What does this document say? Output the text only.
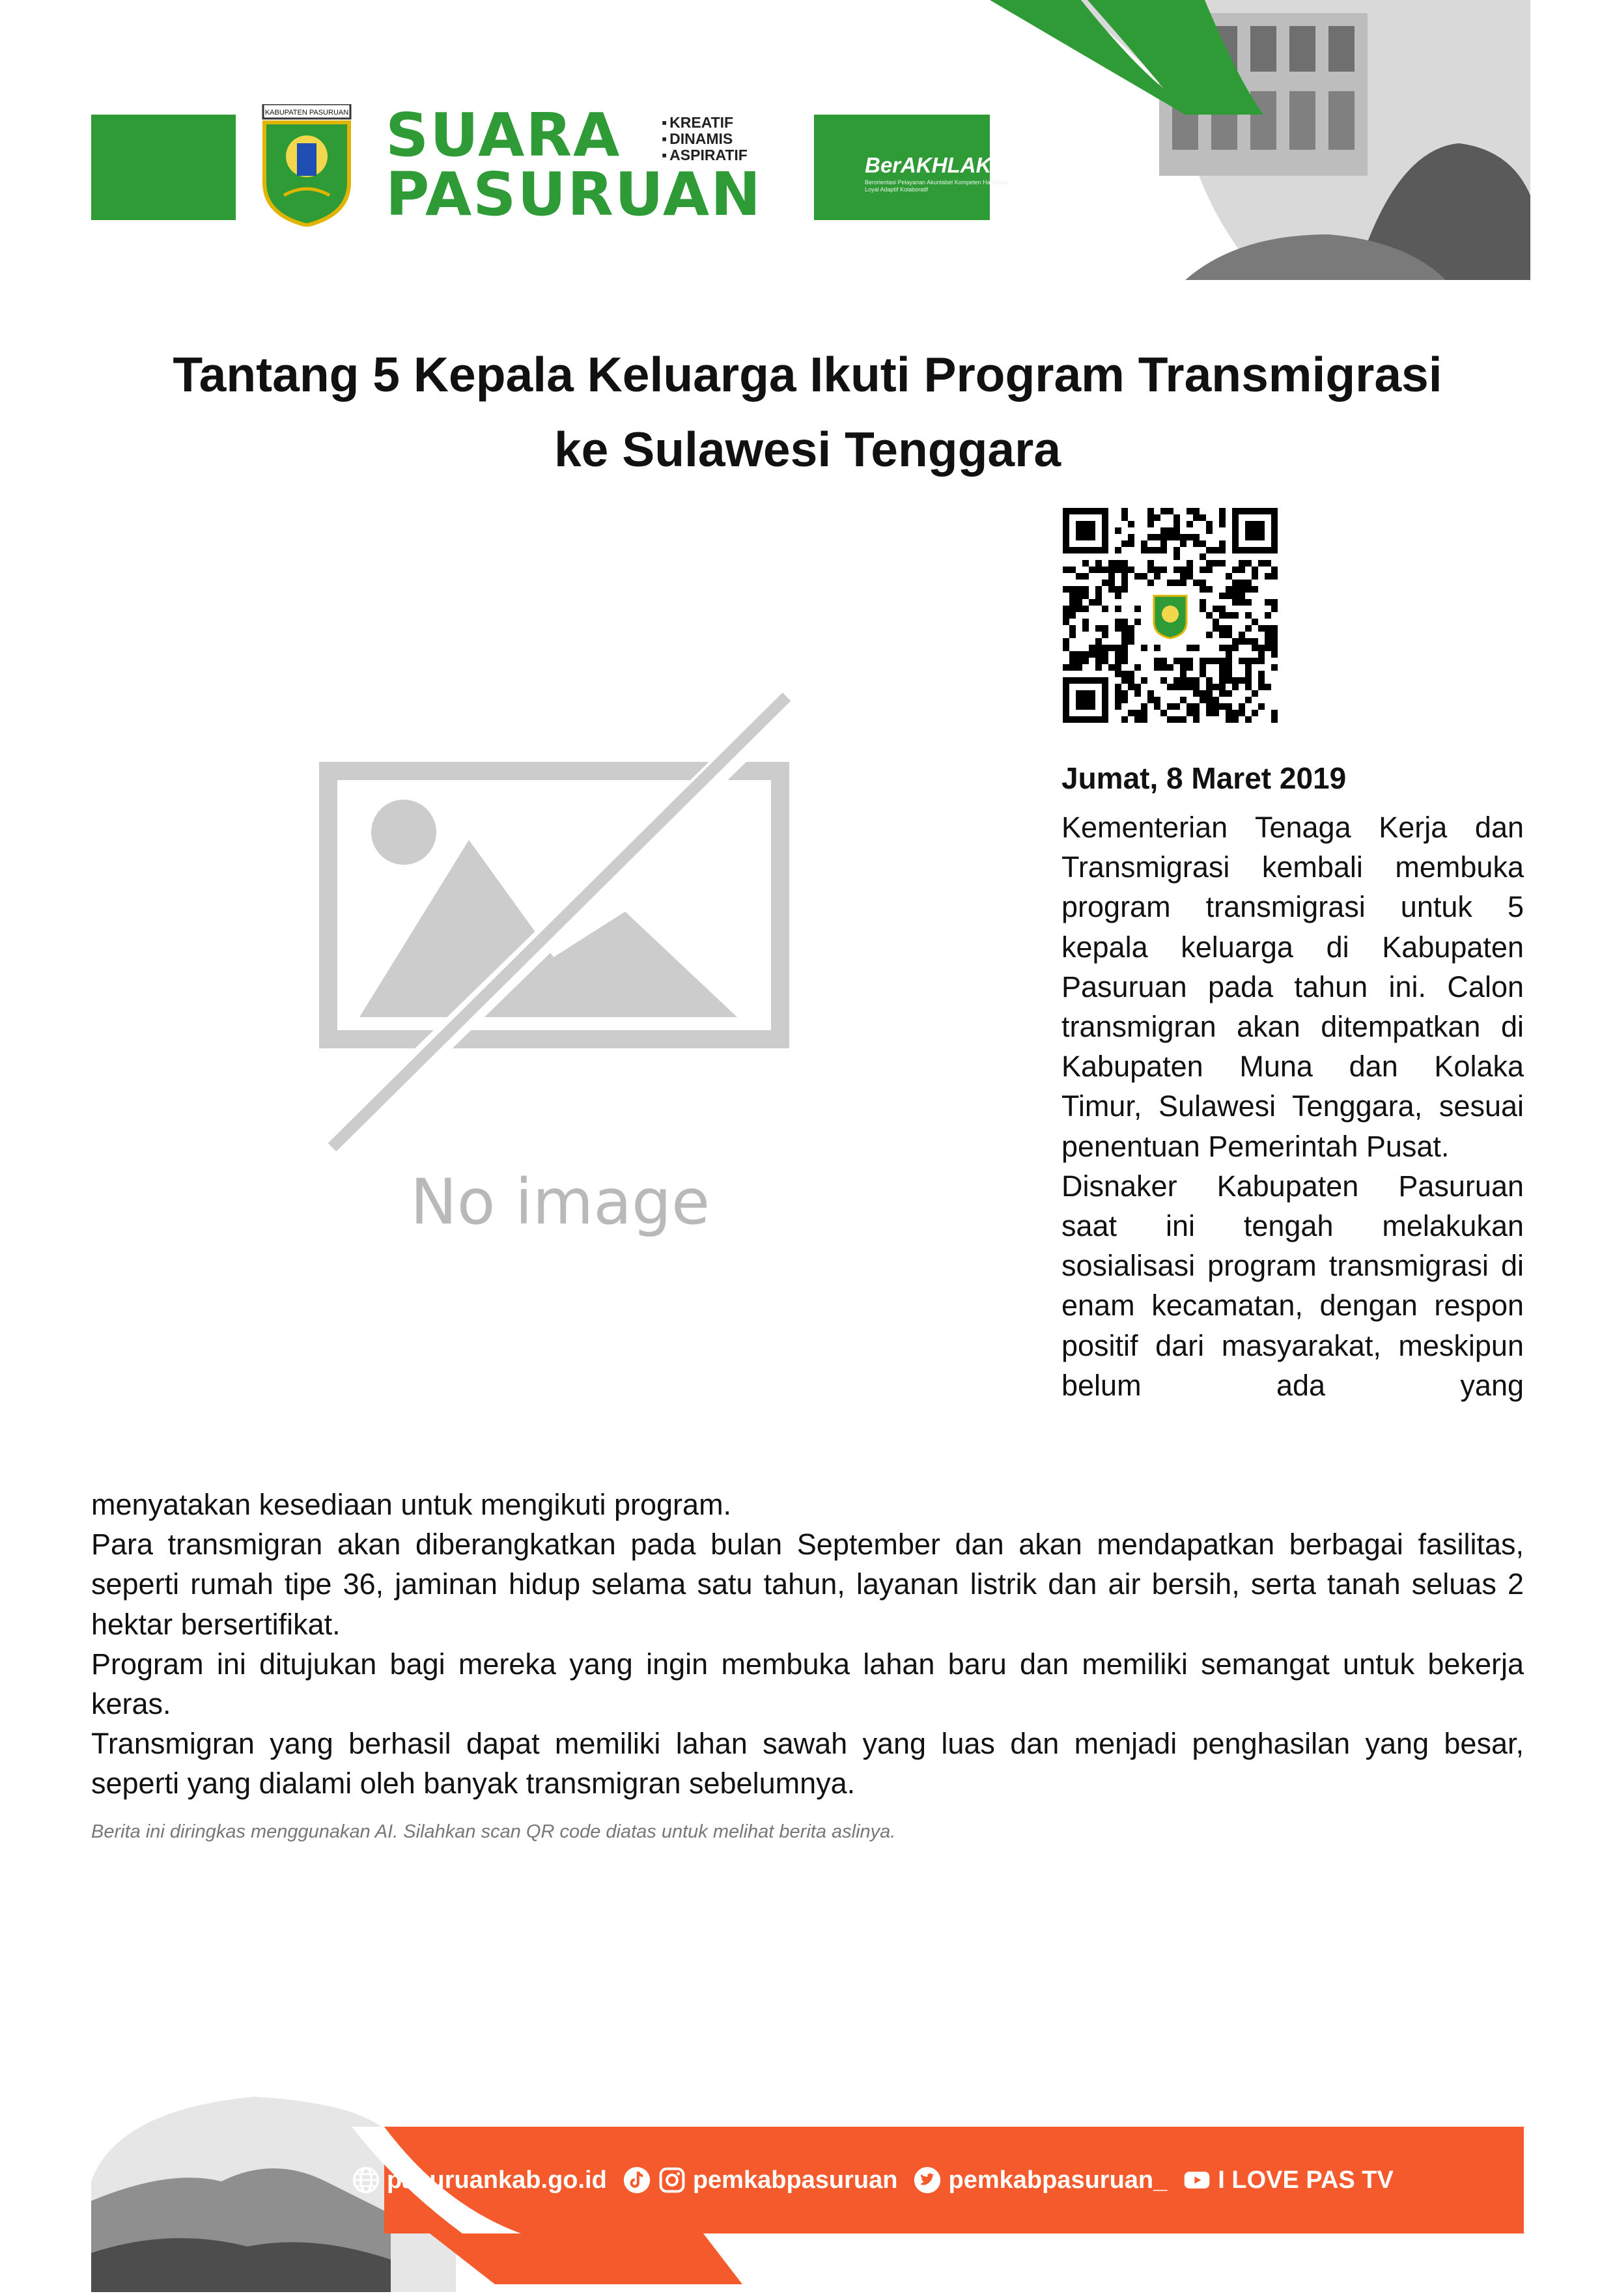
KABUPATEN PASURUAN SUARA
PASURUAN
▪ KREATIF
▪ DINAMIS
▪ ASPIRATIF	BerAKHLAK
Berorientasi Pelayanan Akuntabel Kompeten Harmonis Loyal Adaptif Kolaboratif	# bangga
melayani
bangsa
Tantang 5 Kepala Keluarga Ikuti Program Transmigrasi
ke Sulawesi Tenggara
No image
Jumat, 8 Maret 2019

Kementerian Tenaga Kerja dan Transmigrasi kembali membuka program transmigrasi untuk 5 kepala keluarga di Kabupaten Pasuruan pada tahun ini. Calon transmigran akan ditempatkan di Kabupaten Muna dan Kolaka Timur, Sulawesi Tenggara, sesuai penentuan Pemerintah Pusat.

Disnaker Kabupaten Pasuruan saat ini tengah melakukan sosialisasi program transmigrasi di enam kecamatan, dengan respon positif dari masyarakat, meskipun belum ada yang

menyatakan kesediaan untuk mengikuti program.

Para transmigran akan diberangkatkan pada bulan September dan akan mendapatkan berbagai fasilitas, seperti rumah tipe 36, jaminan hidup selama satu tahun, layanan listrik dan air bersih, serta tanah seluas 2 hektar bersertifikat.

Program ini ditujukan bagi mereka yang ingin membuka lahan baru dan memiliki semangat untuk bekerja keras.

Transmigran yang berhasil dapat memiliki lahan sawah yang luas dan menjadi penghasilan yang besar, seperti yang dialami oleh banyak transmigran sebelumnya.

Berita ini diringkas menggunakan AI. Silahkan scan QR code diatas untuk melihat berita aslinya.
pasuruankab.go.id	pemkabpasuruan pemkabpasuruan_ I LOVE PAS TV
